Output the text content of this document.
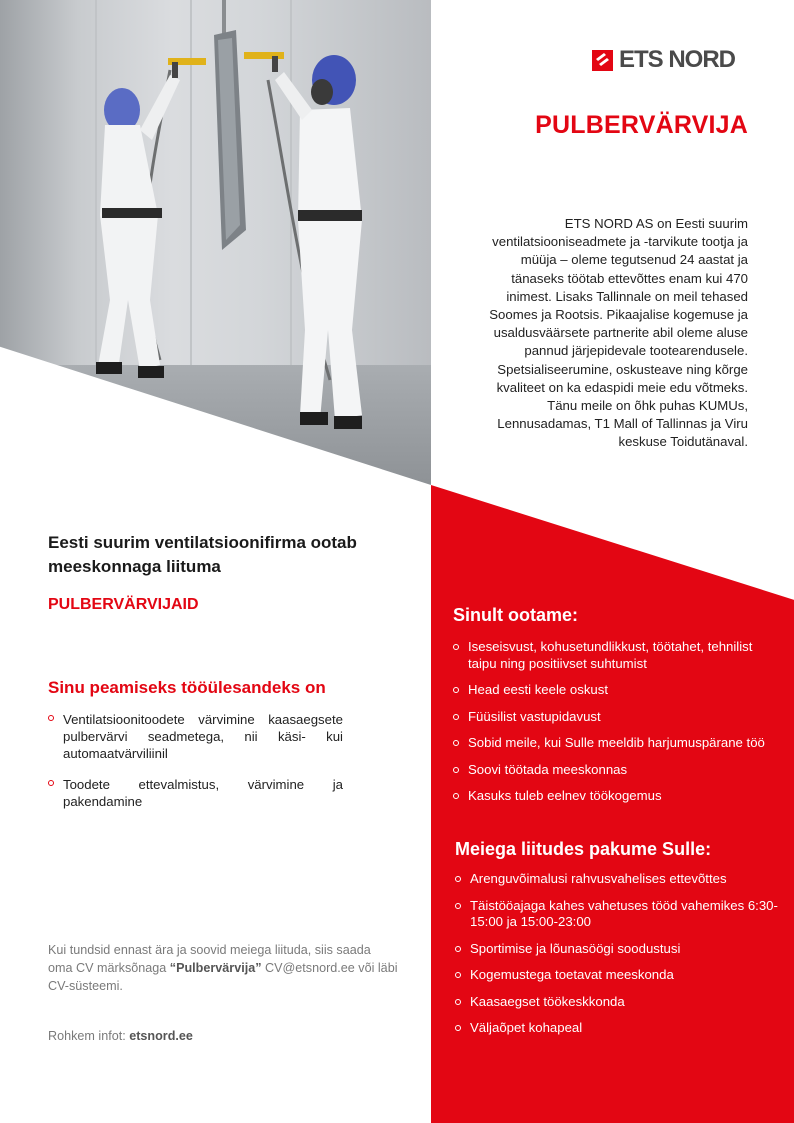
ETS NORD
PULBERVÄRVIJA

ETS NORD AS on Eesti suurim ventilatsiooniseadmete ja -tarvikute tootja ja müüja – oleme tegutsenud 24 aastat ja tänaseks töötab ettevõttes enam kui 470 inimest. Lisaks Tallinnale on meil tehased Soomes ja Rootsis. Pikaajalise kogemuse ja usaldusväärsete partnerite abil oleme aluse pannud järjepidevale tootearendusele. Spetsialiseerumine, oskusteave ning kõrge kvaliteet on ka edaspidi meie edu võtmeks. Tänu meile on õhk puhas KUMUs, Lennusadamas, T1 Mall of Tallinnas ja Viru keskuse Toidutänaval.

Eesti suurim ventilatsioonifirma ootab meeskonnaga liituma
PULBERVÄRVIJAID
Sinu peamiseks tööülesandeks on
Ventilatsioonitoodete värvimine kaasaegsete pulbervärvi seadmetega, nii käsi- kui automaatvärviliinil
Toodete ettevalmistus, värvimine ja pakendamine

Kui tundsid ennast ära ja soovid meiega liituda, siis saada oma CV märksõnaga “Pulbervärvija” CV@etsnord.ee või läbi CV-süsteemi.

Rohkem infot: etsnord.ee

Sinult ootame:
Iseseisvust, kohusetundlikkust, töötahet, tehnilist taipu ning positiivset suhtumist
Head eesti keele oskust
Füüsilist vastupidavust
Sobid meile, kui Sulle meeldib harjumuspärane töö
Soovi töötada meeskonnas
Kasuks tuleb eelnev töökogemus
Meiega liitudes pakume Sulle:
Arenguvõimalusi rahvusvahelises ettevõttes
Täistööajaga kahes vahetuses tööd vahemikes 6:30-15:00 ja 15:00-23:00
Sportimise ja lõunasöögi soodustusi
Kogemustega toetavat meeskonda
Kaasaegset töökeskkonda
Väljaõpet kohapeal
